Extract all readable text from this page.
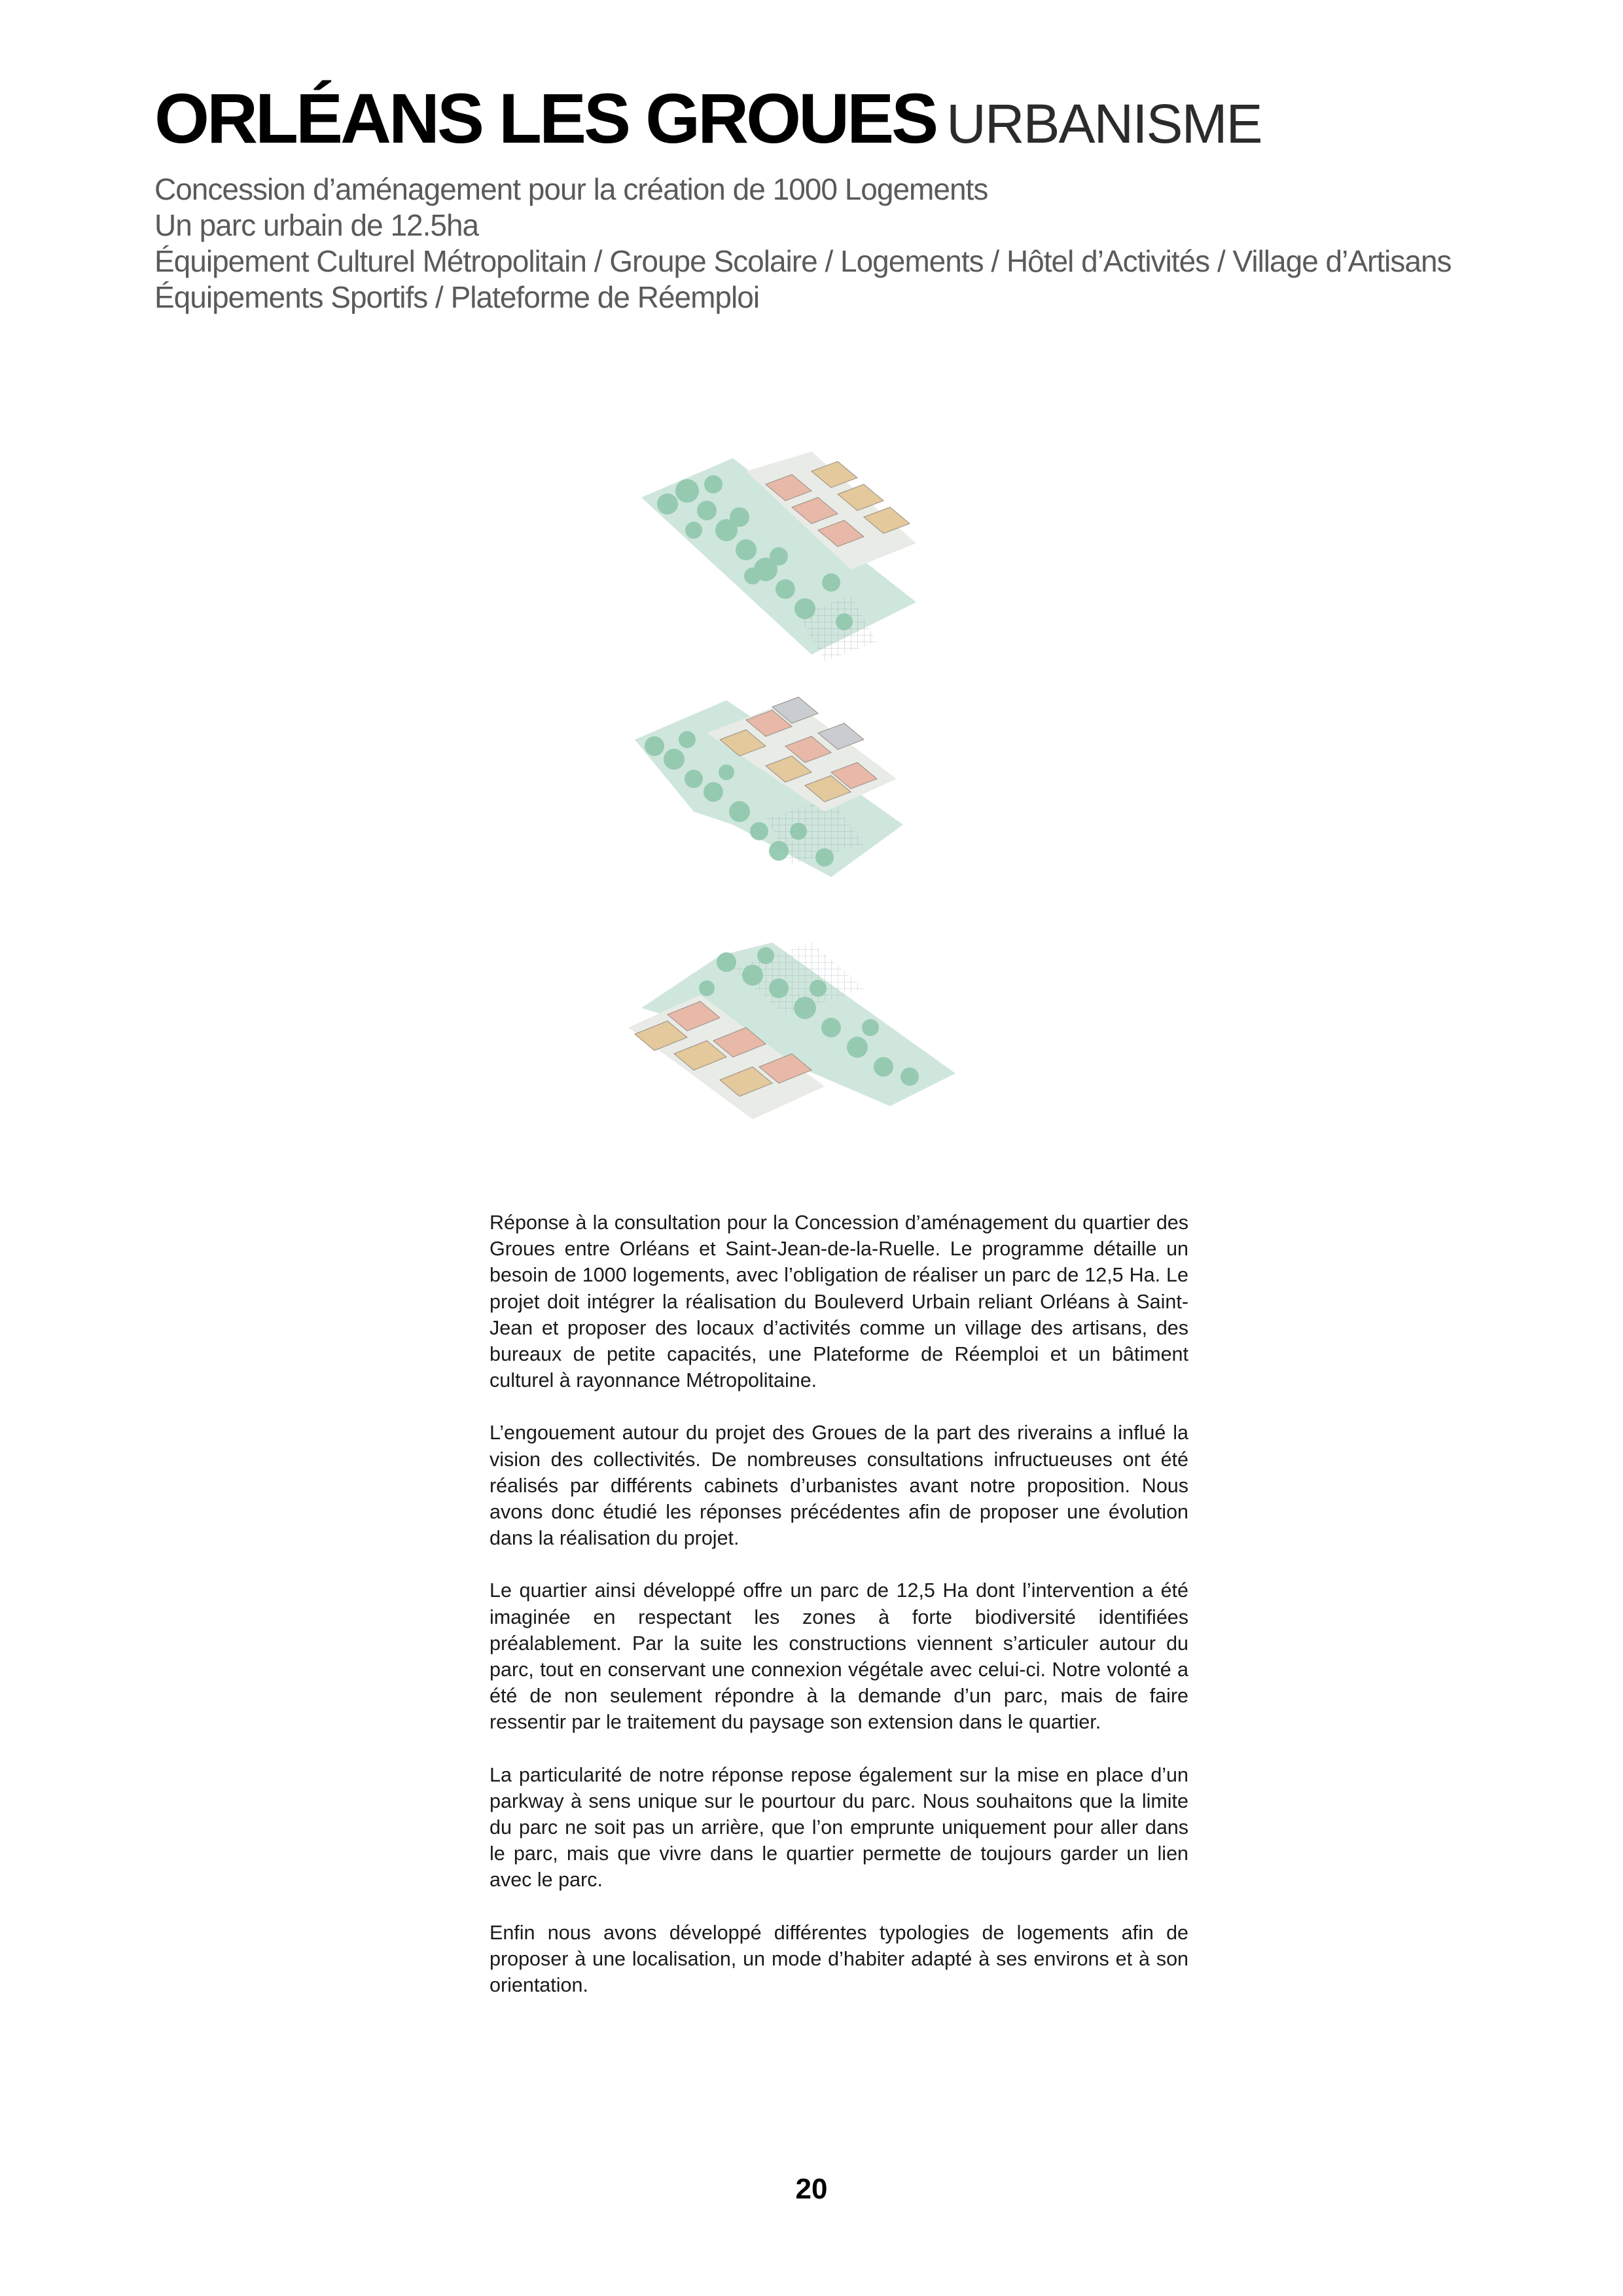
ORLÉANS LES GROUES URBANISME
Concession d’aménagement pour la création de 1000 Logements
Un parc urbain de 12.5ha
Équipement Culturel Métropolitain / Groupe Scolaire / Logements / Hôtel d’Activités / Village d’Artisans
Équipements Sportifs / Plateforme de Réemploi

Réponse à la consultation pour la Concession d’aménagement du quartier des Groues entre Orléans et Saint-Jean-de-la-Ruelle. Le programme détaille un besoin de 1000 logements, avec l’obligation de réaliser un parc de 12,5 Ha. Le projet doit intégrer la réalisation du Bouleverd Urbain reliant Orléans à Saint-Jean et proposer des locaux d’activités comme un village des artisans, des bureaux de petite capacités, une Plateforme de Réemploi et un bâtiment culturel à rayonnance Métropolitaine.

L’engouement autour du projet des Groues de la part des riverains a influé la vision des collectivités. De nombreuses consultations infructueuses ont été réalisés par différents cabinets d’urbanistes avant notre proposition. Nous avons donc étudié les réponses précédentes afin de proposer une évolution dans la réalisation du projet.

Le quartier ainsi développé offre un parc de 12,5 Ha dont l’intervention a été imaginée en respectant les zones à forte biodiversité identifiées préalablement. Par la suite les constructions viennent s’articuler autour du parc, tout en conservant une connexion végétale avec celui-ci. Notre volonté a été de non seulement répondre à la demande d’un parc, mais de faire ressentir par le traitement du paysage son extension dans le quartier.

La particularité de notre réponse repose également sur la mise en place d’un parkway à sens unique sur le pourtour du parc. Nous souhaitons que la limite du parc ne soit pas un arrière, que l’on emprunte uniquement pour aller dans le parc, mais que vivre dans le quartier permette de toujours garder un lien avec le parc.

Enfin nous avons développé différentes typologies de logements afin de proposer à une localisation, un mode d’habiter adapté à ses environs et à son orientation.

20
